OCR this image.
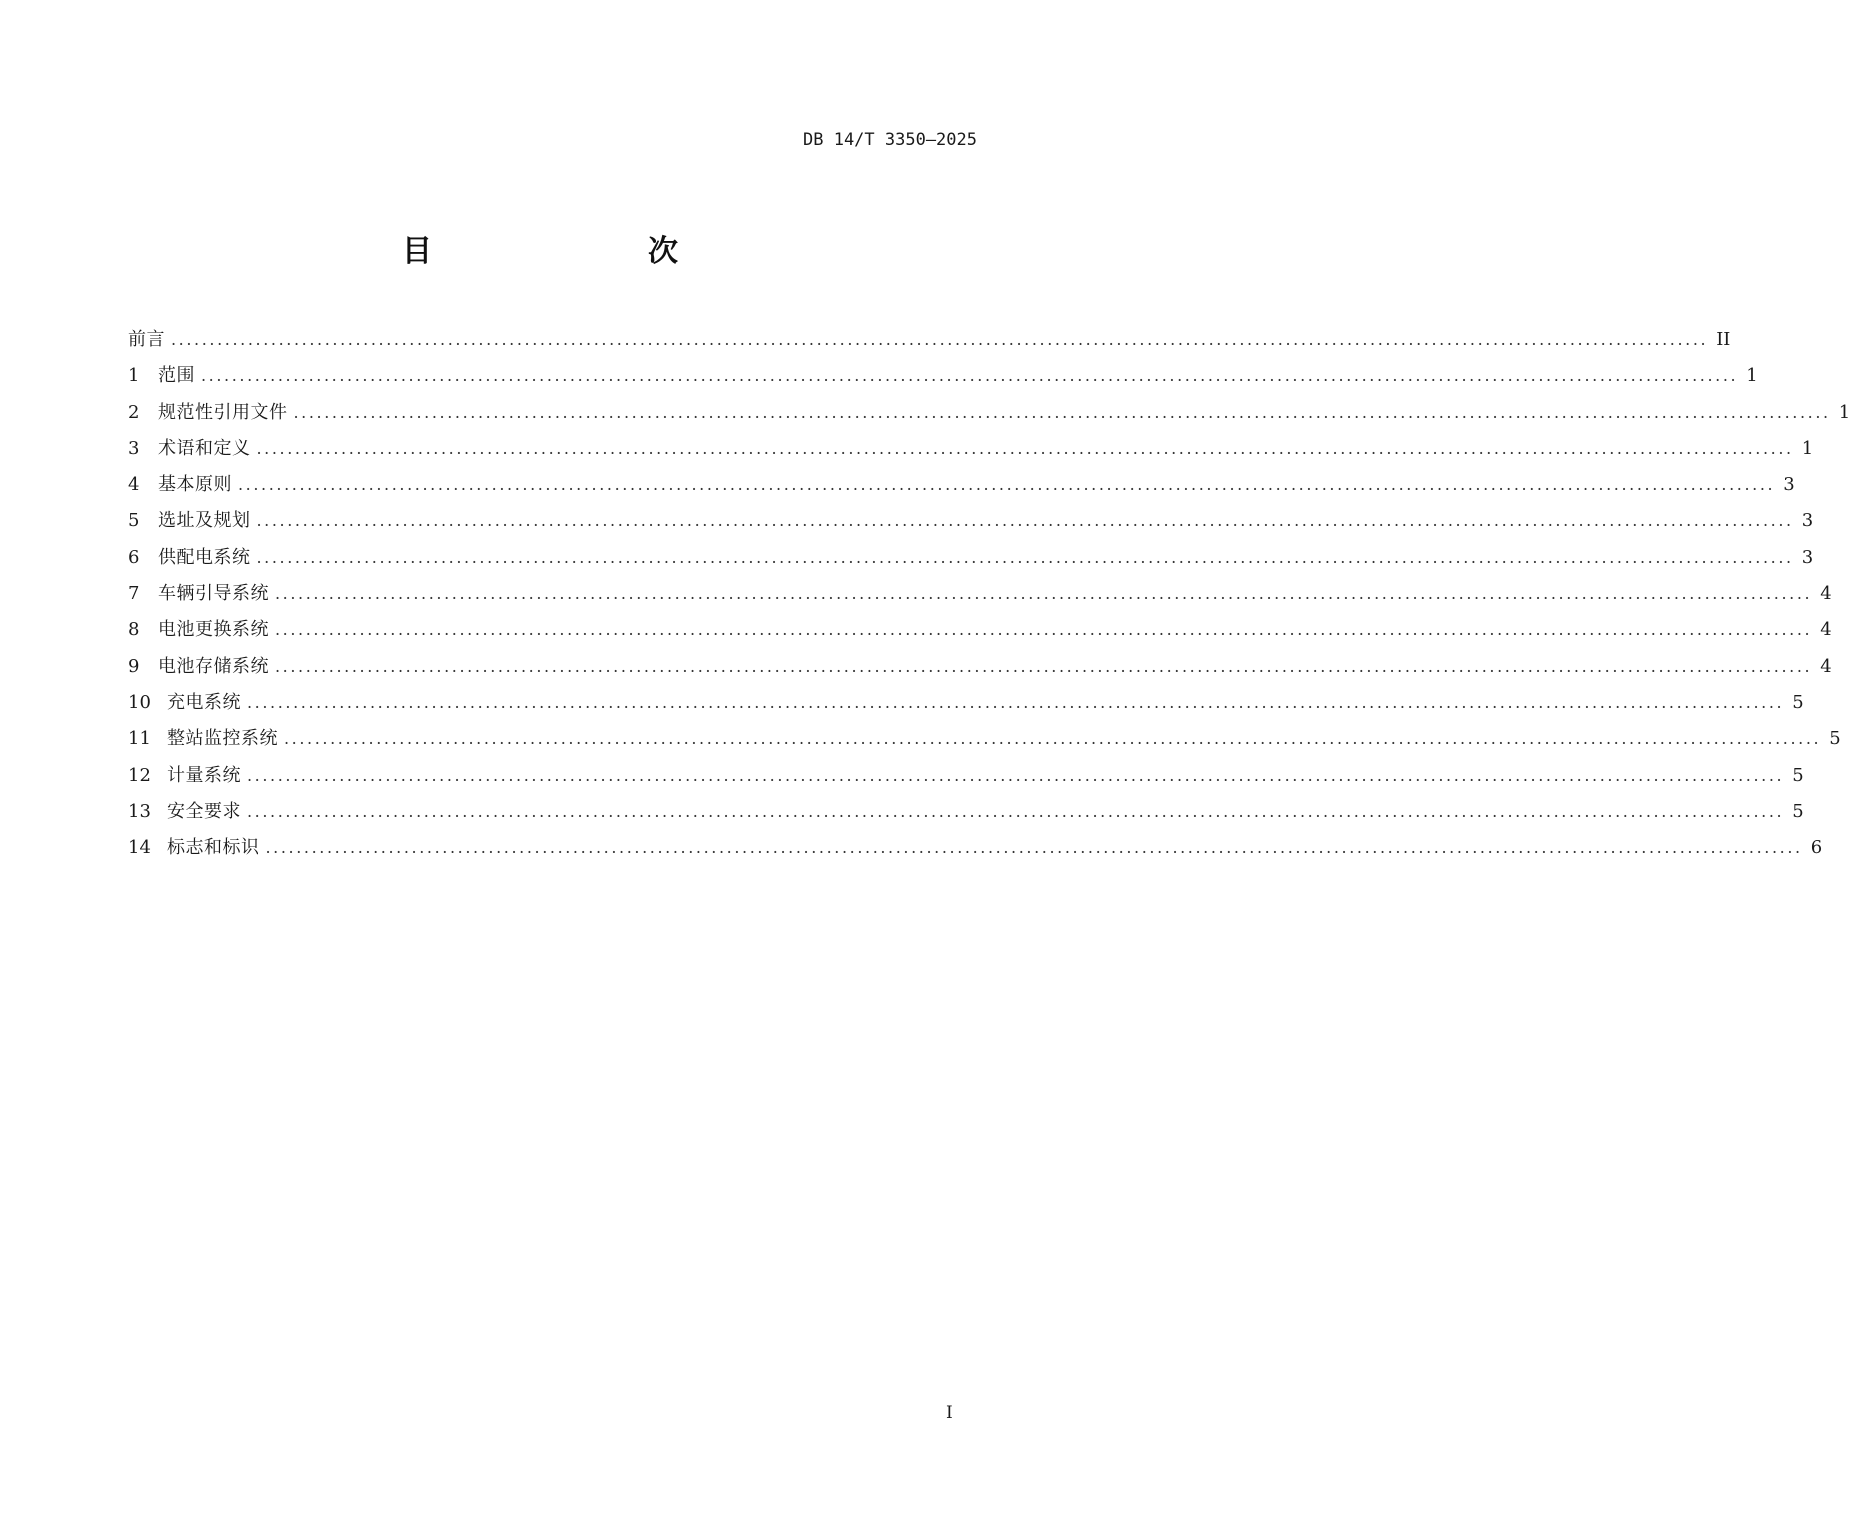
DB 14/T 3350—2025
目　　次
前言 ........................................................................................................................................................................................................ II
1	范围 ........................................................................................................................................................................................................ 1
2	规范性引用文件 ........................................................................................................................................................................................................ 1
3	术语和定义 ........................................................................................................................................................................................................ 1
4	基本原则 ........................................................................................................................................................................................................ 3
5	选址及规划 ........................................................................................................................................................................................................ 3
6	供配电系统 ........................................................................................................................................................................................................ 3
7	车辆引导系统 ........................................................................................................................................................................................................ 4
8	电池更换系统 ........................................................................................................................................................................................................ 4
9	电池存储系统 ........................................................................................................................................................................................................ 4
10 充电系统 ........................................................................................................................................................................................................ 5
11 整站监控系统 ........................................................................................................................................................................................................ 5
12 计量系统 ........................................................................................................................................................................................................ 5
13 安全要求 ........................................................................................................................................................................................................ 5
14 标志和标识 ........................................................................................................................................................................................................ 6
I
